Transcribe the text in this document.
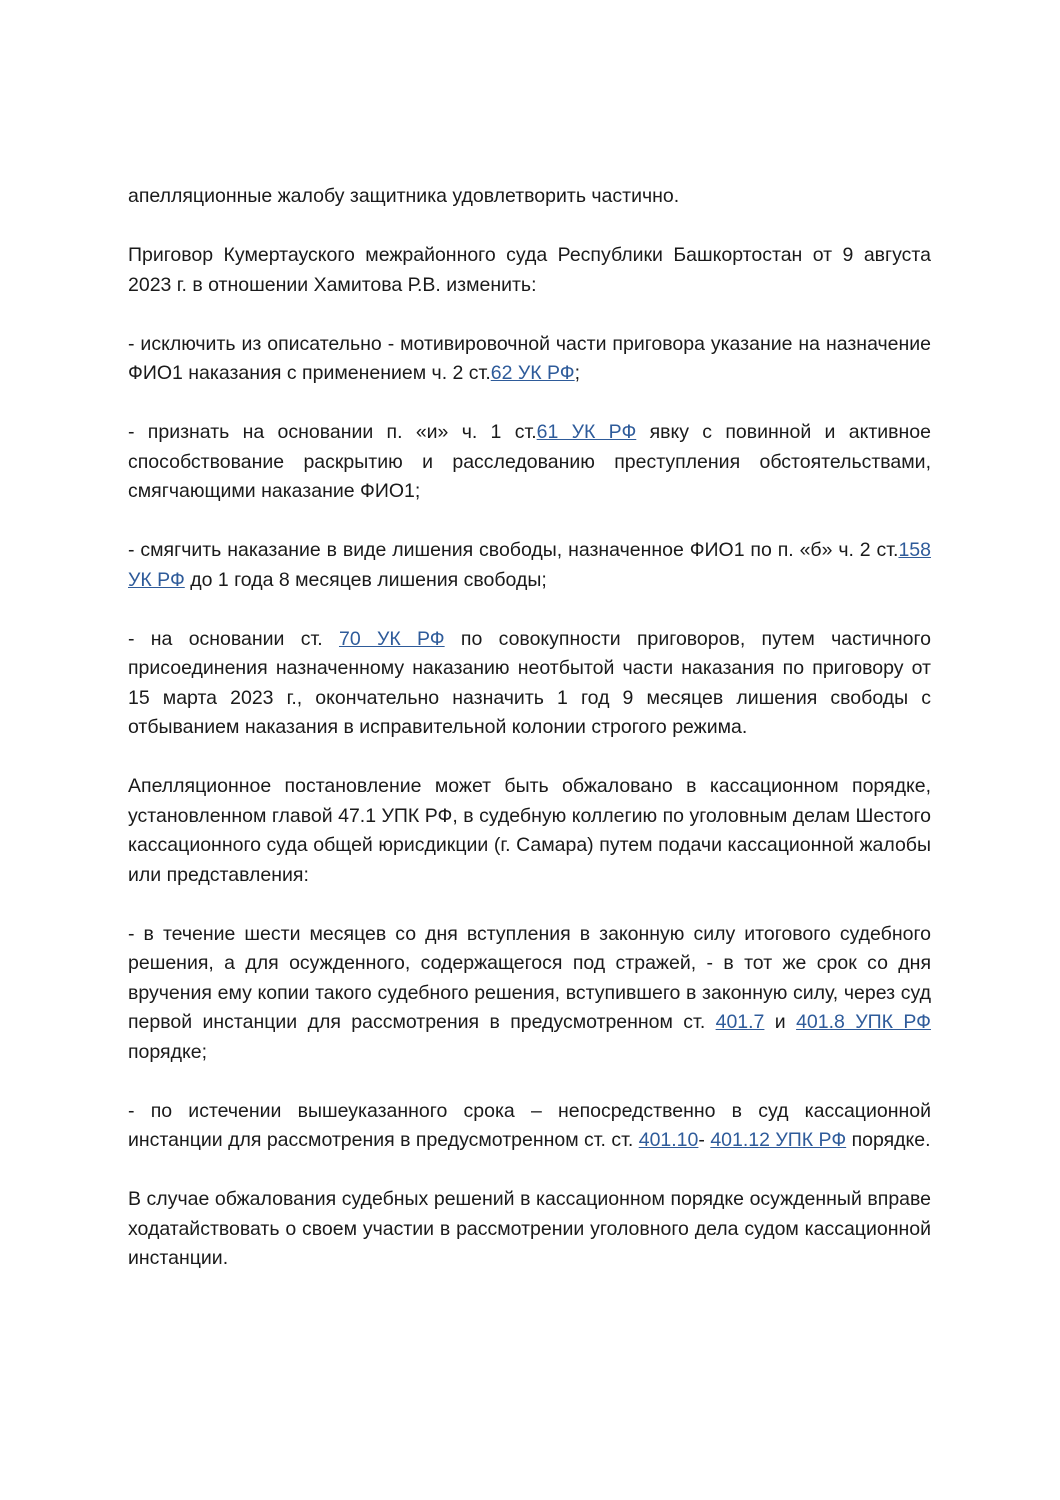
апелляционные жалобу защитника удовлетворить частично.

Приговор Кумертауского межрайонного суда Республики Башкортостан от 9 августа 2023 г. в отношении Хамитова Р.В. изменить:

- исключить из описательно - мотивировочной части приговора указание на назначение ФИО1 наказания с применением ч. 2 ст.62 УК РФ;

- признать на основании п. «и» ч. 1 ст.61 УК РФ явку с повинной и активное способствование раскрытию и расследованию преступления обстоятельствами, смягчающими наказание ФИО1;

- смягчить наказание в виде лишения свободы, назначенное ФИО1 по п. «б» ч. 2 ст.158 УК РФ до 1 года 8 месяцев лишения свободы;

- на основании ст. 70 УК РФ по совокупности приговоров, путем частичного присоединения назначенному наказанию неотбытой части наказания по приговору от 15 марта 2023 г., окончательно назначить 1 год 9 месяцев лишения свободы с отбыванием наказания в исправительной колонии строгого режима.

Апелляционное постановление может быть обжаловано в кассационном порядке, установленном главой 47.1 УПК РФ, в судебную коллегию по уголовным делам Шестого кассационного суда общей юрисдикции (г. Самара) путем подачи кассационной жалобы или представления:

- в течение шести месяцев со дня вступления в законную силу итогового судебного решения, а для осужденного, содержащегося под стражей, - в тот же срок со дня вручения ему копии такого судебного решения, вступившего в законную силу, через суд первой инстанции для рассмотрения в предусмотренном ст. 401.7 и 401.8 УПК РФ порядке;

- по истечении вышеуказанного срока – непосредственно в суд кассационной инстанции для рассмотрения в предусмотренном ст. ст. 401.10- 401.12 УПК РФ порядке.

В случае обжалования судебных решений в кассационном порядке осужденный вправе ходатайствовать о своем участии в рассмотрении уголовного дела судом кассационной инстанции.
